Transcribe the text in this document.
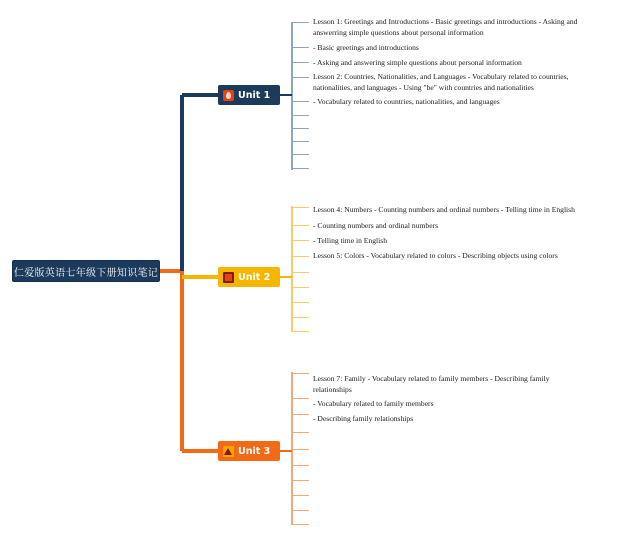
仁爱版英语七年级下册知识笔记
Unit 1
Unit 2
Unit 3
Lesson 1: Greetings and Introductions - Basic greetings and introductions - Asking and answerring simple questions about personal information
- Basic greetings and introductions
- Asking and answering simple questions about personal information
Lesson 2: Countries, Nationalities, and Languages - Vocabulary related to countries, nationalities, and languages - Using "be" with countries and nationalities
- Vocabulary related to countries, nationalities, and languages
Lesson 4: Numbers - Counting numbers and ordinal numbers - Telling time in English
- Counting numbers and ordinal numbers
- Telling time in English
Lesson 5: Colors - Vocabulary related to colors - Describing objects using colors
Lesson 7: Family - Vocabulary related to family members - Describing family relationships
- Vocabulary related to family members
- Describing family relationships
